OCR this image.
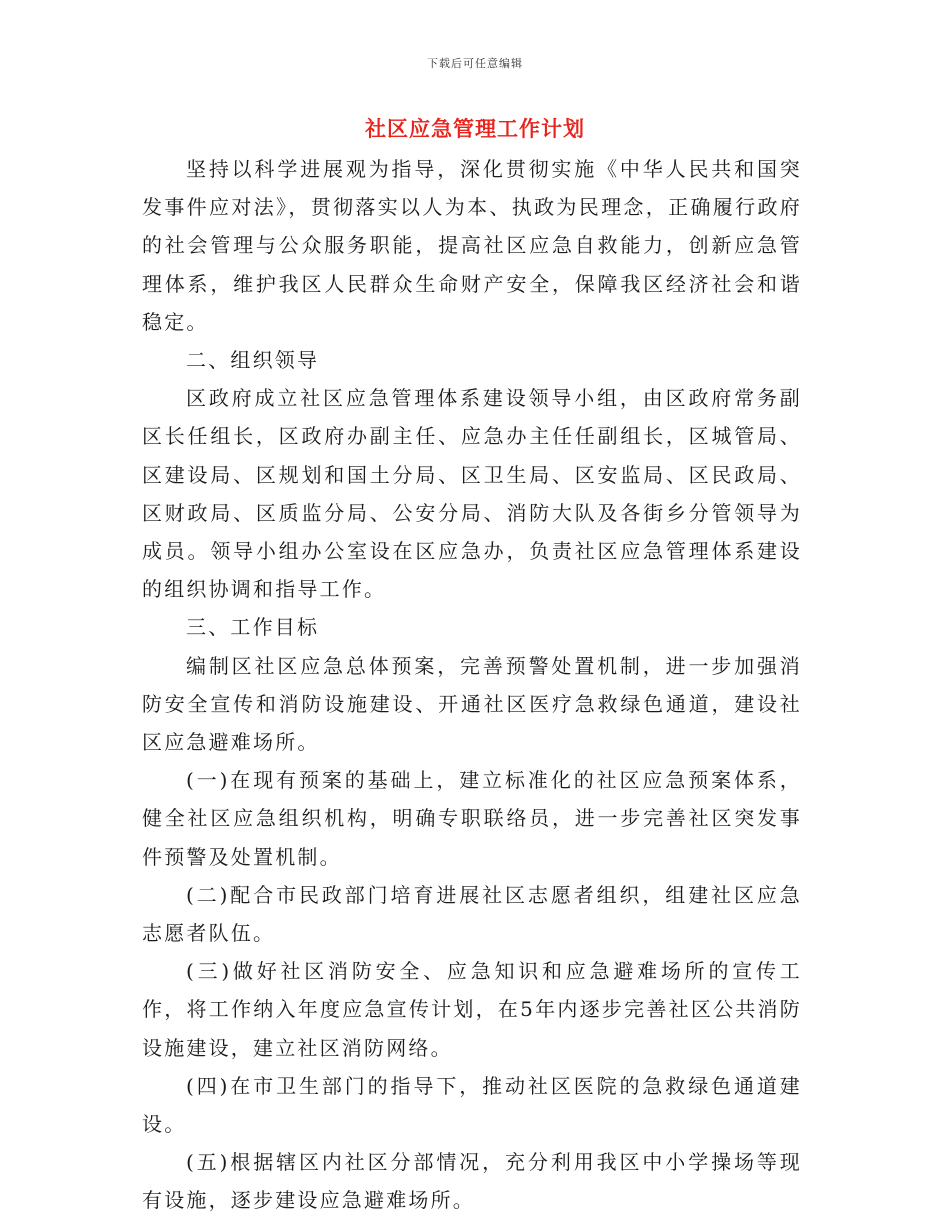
下载后可任意编辑
社区应急管理工作计划

坚持以科学进展观为指导，深化贯彻实施《中华人民共和国突发事件应对法》，贯彻落实以人为本、执政为民理念，正确履行政府的社会管理与公众服务职能，提高社区应急自救能力，创新应急管理体系，维护我区人民群众生命财产安全，保障我区经济社会和谐稳定。

二、组织领导

区政府成立社区应急管理体系建设领导小组，由区政府常务副区长任组长，区政府办副主任、应急办主任任副组长，区城管局、区建设局、区规划和国土分局、区卫生局、区安监局、区民政局、区财政局、区质监分局、公安分局、消防大队及各街乡分管领导为成员。领导小组办公室设在区应急办，负责社区应急管理体系建设的组织协调和指导工作。

三、工作目标

编制区社区应急总体预案，完善预警处置机制，进一步加强消防安全宣传和消防设施建设、开通社区医疗急救绿色通道，建设社区应急避难场所。

(一)在现有预案的基础上，建立标准化的社区应急预案体系，健全社区应急组织机构，明确专职联络员，进一步完善社区突发事件预警及处置机制。

(二)配合市民政部门培育进展社区志愿者组织，组建社区应急志愿者队伍。

(三)做好社区消防安全、应急知识和应急避难场所的宣传工作，将工作纳入年度应急宣传计划，在5年内逐步完善社区公共消防设施建设，建立社区消防网络。

(四)在市卫生部门的指导下，推动社区医院的急救绿色通道建设。

(五)根据辖区内社区分部情况，充分利用我区中小学操场等现有设施，逐步建设应急避难场所。
